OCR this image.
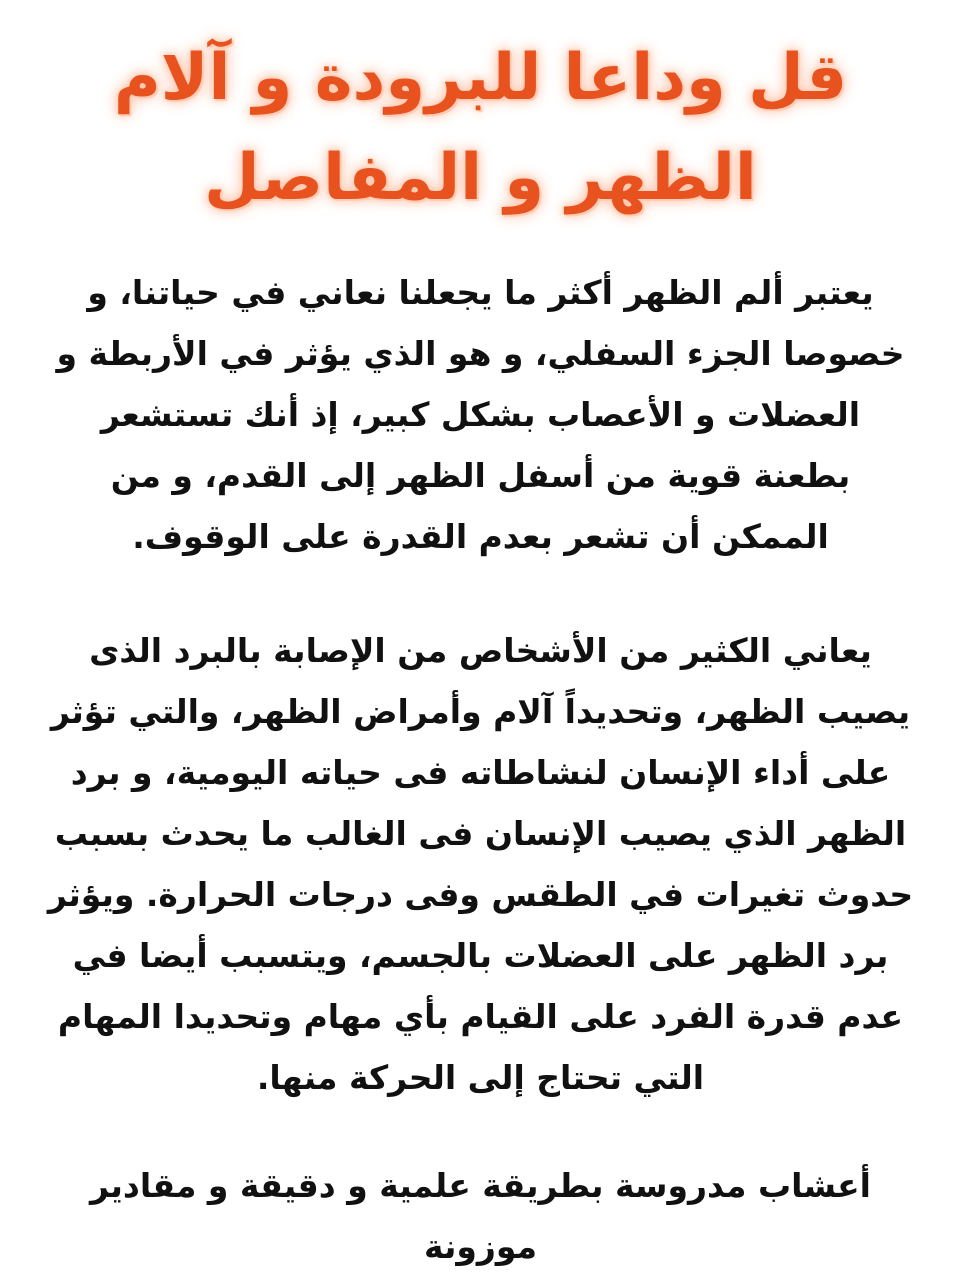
قل وداعا للبرودة و آلام
الظهر و المفاصل

يعتبر ألم الظهر أكثر ما يجعلنا نعاني في حياتنا، و
خصوصا الجزء السفلي، و هو الذي يؤثر في الأربطة و
العضلات و الأعصاب بشكل كبير، إذ أنك تستشعر
بطعنة قوية من أسفل الظهر إلى القدم، و من
الممكن أن تشعر بعدم القدرة على الوقوف.

يعاني الكثير من الأشخاص من الإصابة بالبرد الذى
يصيب الظهر، وتحديداً آلام وأمراض الظهر، والتي تؤثر
على أداء الإنسان لنشاطاته فى حياته اليومية، و برد
الظهر الذي يصيب الإنسان فى الغالب ما يحدث بسبب
حدوث تغيرات في الطقس وفى درجات الحرارة. ويؤثر
برد الظهر على العضلات بالجسم، ويتسبب أيضا في
عدم قدرة الفرد على القيام بأي مهام وتحديدا المهام
التي تحتاج إلى الحركة منها.

أعشاب مدروسة بطريقة علمية و دقيقة و مقادير
موزونة
